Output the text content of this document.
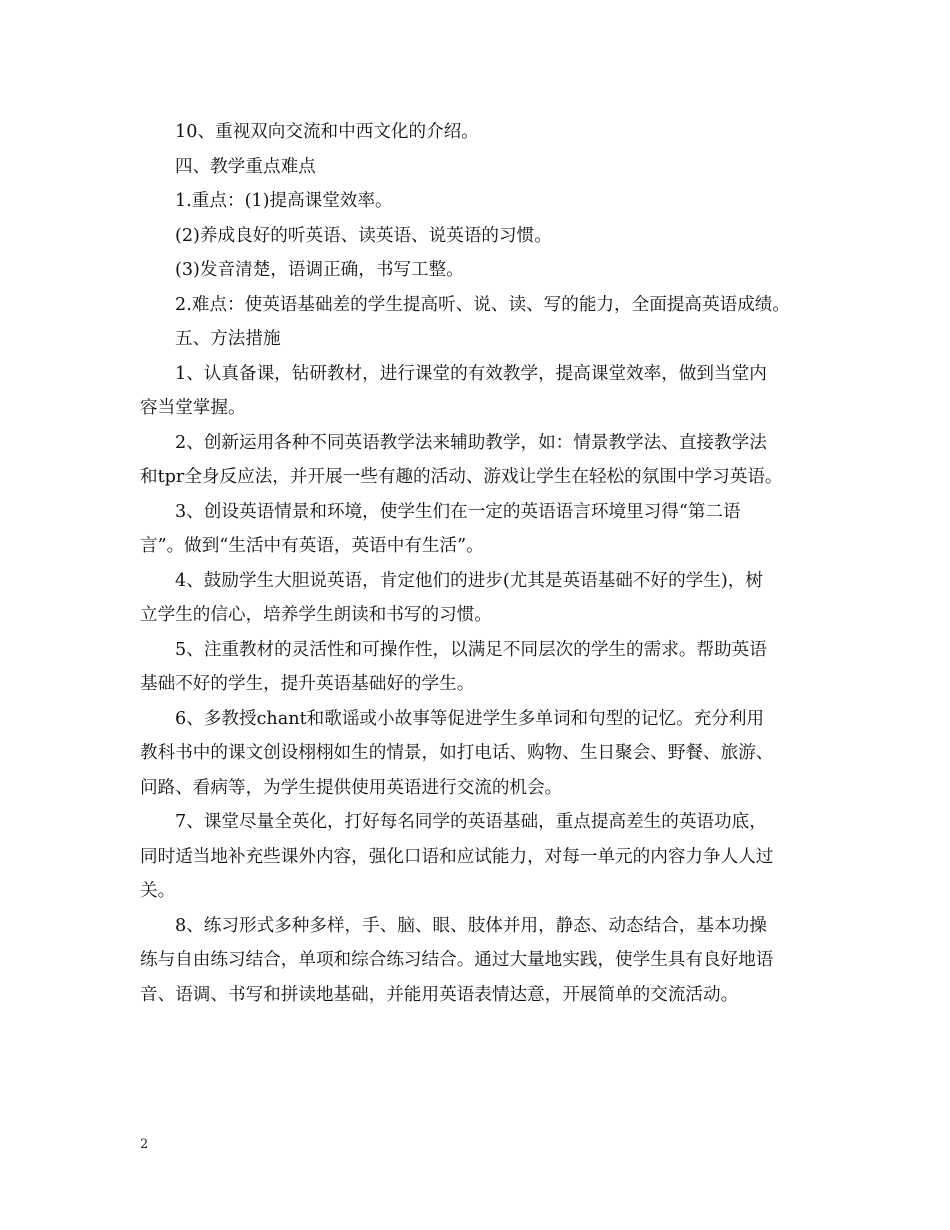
10、重视双向交流和中西文化的介绍。

四、教学重点难点

1.重点：(1)提高课堂效率。

(2)养成良好的听英语、读英语、说英语的习惯。

(3)发音清楚，语调正确，书写工整。

2.难点：使英语基础差的学生提高听、说、读、写的能力，全面提高英语成绩。

五、方法措施

1、认真备课，钻研教材，进行课堂的有效教学，提高课堂效率，做到当堂内

容当堂掌握。

2、创新运用各种不同英语教学法来辅助教学，如：情景教学法、直接教学法

和tpr全身反应法，并开展一些有趣的活动、游戏让学生在轻松的氛围中学习英语。

3、创设英语情景和环境，使学生们在一定的英语语言环境里习得“第二语

言”。做到“生活中有英语，英语中有生活”。

4、鼓励学生大胆说英语，肯定他们的进步(尤其是英语基础不好的学生)，树

立学生的信心，培养学生朗读和书写的习惯。

5、注重教材的灵活性和可操作性，以满足不同层次的学生的需求。帮助英语

基础不好的学生，提升英语基础好的学生。

6、多教授chant和歌谣或小故事等促进学生多单词和句型的记忆。充分利用

教科书中的课文创设栩栩如生的情景，如打电话、购物、生日聚会、野餐、旅游、

问路、看病等，为学生提供使用英语进行交流的机会。

7、课堂尽量全英化，打好每名同学的英语基础，重点提高差生的英语功底，

同时适当地补充些课外内容，强化口语和应试能力，对每一单元的内容力争人人过

关。

8、练习形式多种多样，手、脑、眼、肢体并用，静态、动态结合，基本功操

练与自由练习结合，单项和综合练习结合。通过大量地实践，使学生具有良好地语

音、语调、书写和拼读地基础，并能用英语表情达意，开展简单的交流活动。

2
